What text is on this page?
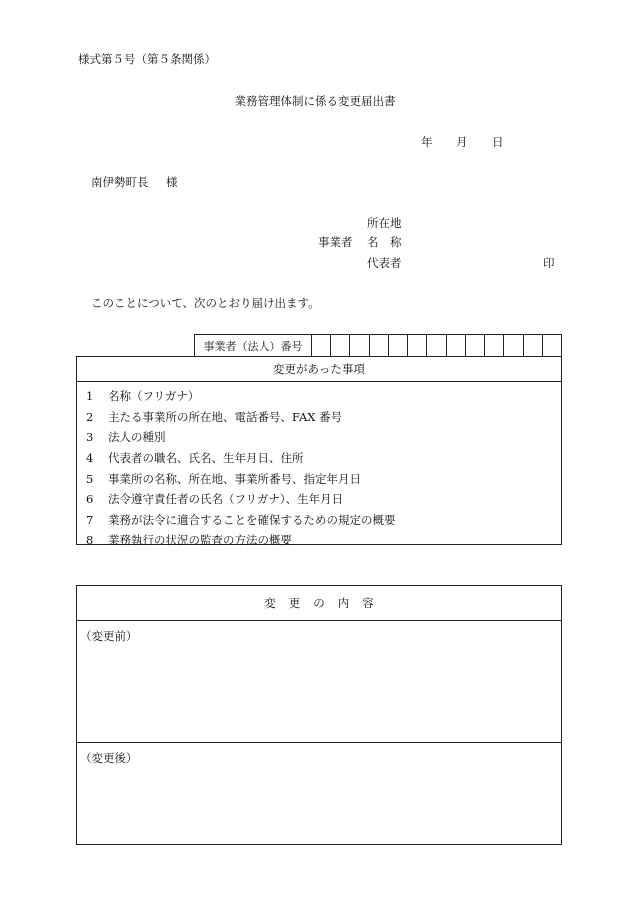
様式第５号（第５条関係）
業務管理体制に係る変更届出書
年 月 日
南伊勢町長 様
所在地
事業者 名　称
代表者	印
このことについて、次のとおり届け出ます。
事業者（法人）番号
変更があった事項
1	名称（フリガナ）
2	主たる事業所の所在地、電話番号、FAX 番号
3	法人の種別
4	代表者の職名、氏名、生年月日、住所
5	事業所の名称、所在地、事業所番号、指定年月日
6	法令遵守責任者の氏名（フリガナ）、生年月日
7	業務が法令に適合することを確保するための規定の概要
8	業務執行の状況の監査の方法の概要
変更の内容
（変更前）
（変更後）
